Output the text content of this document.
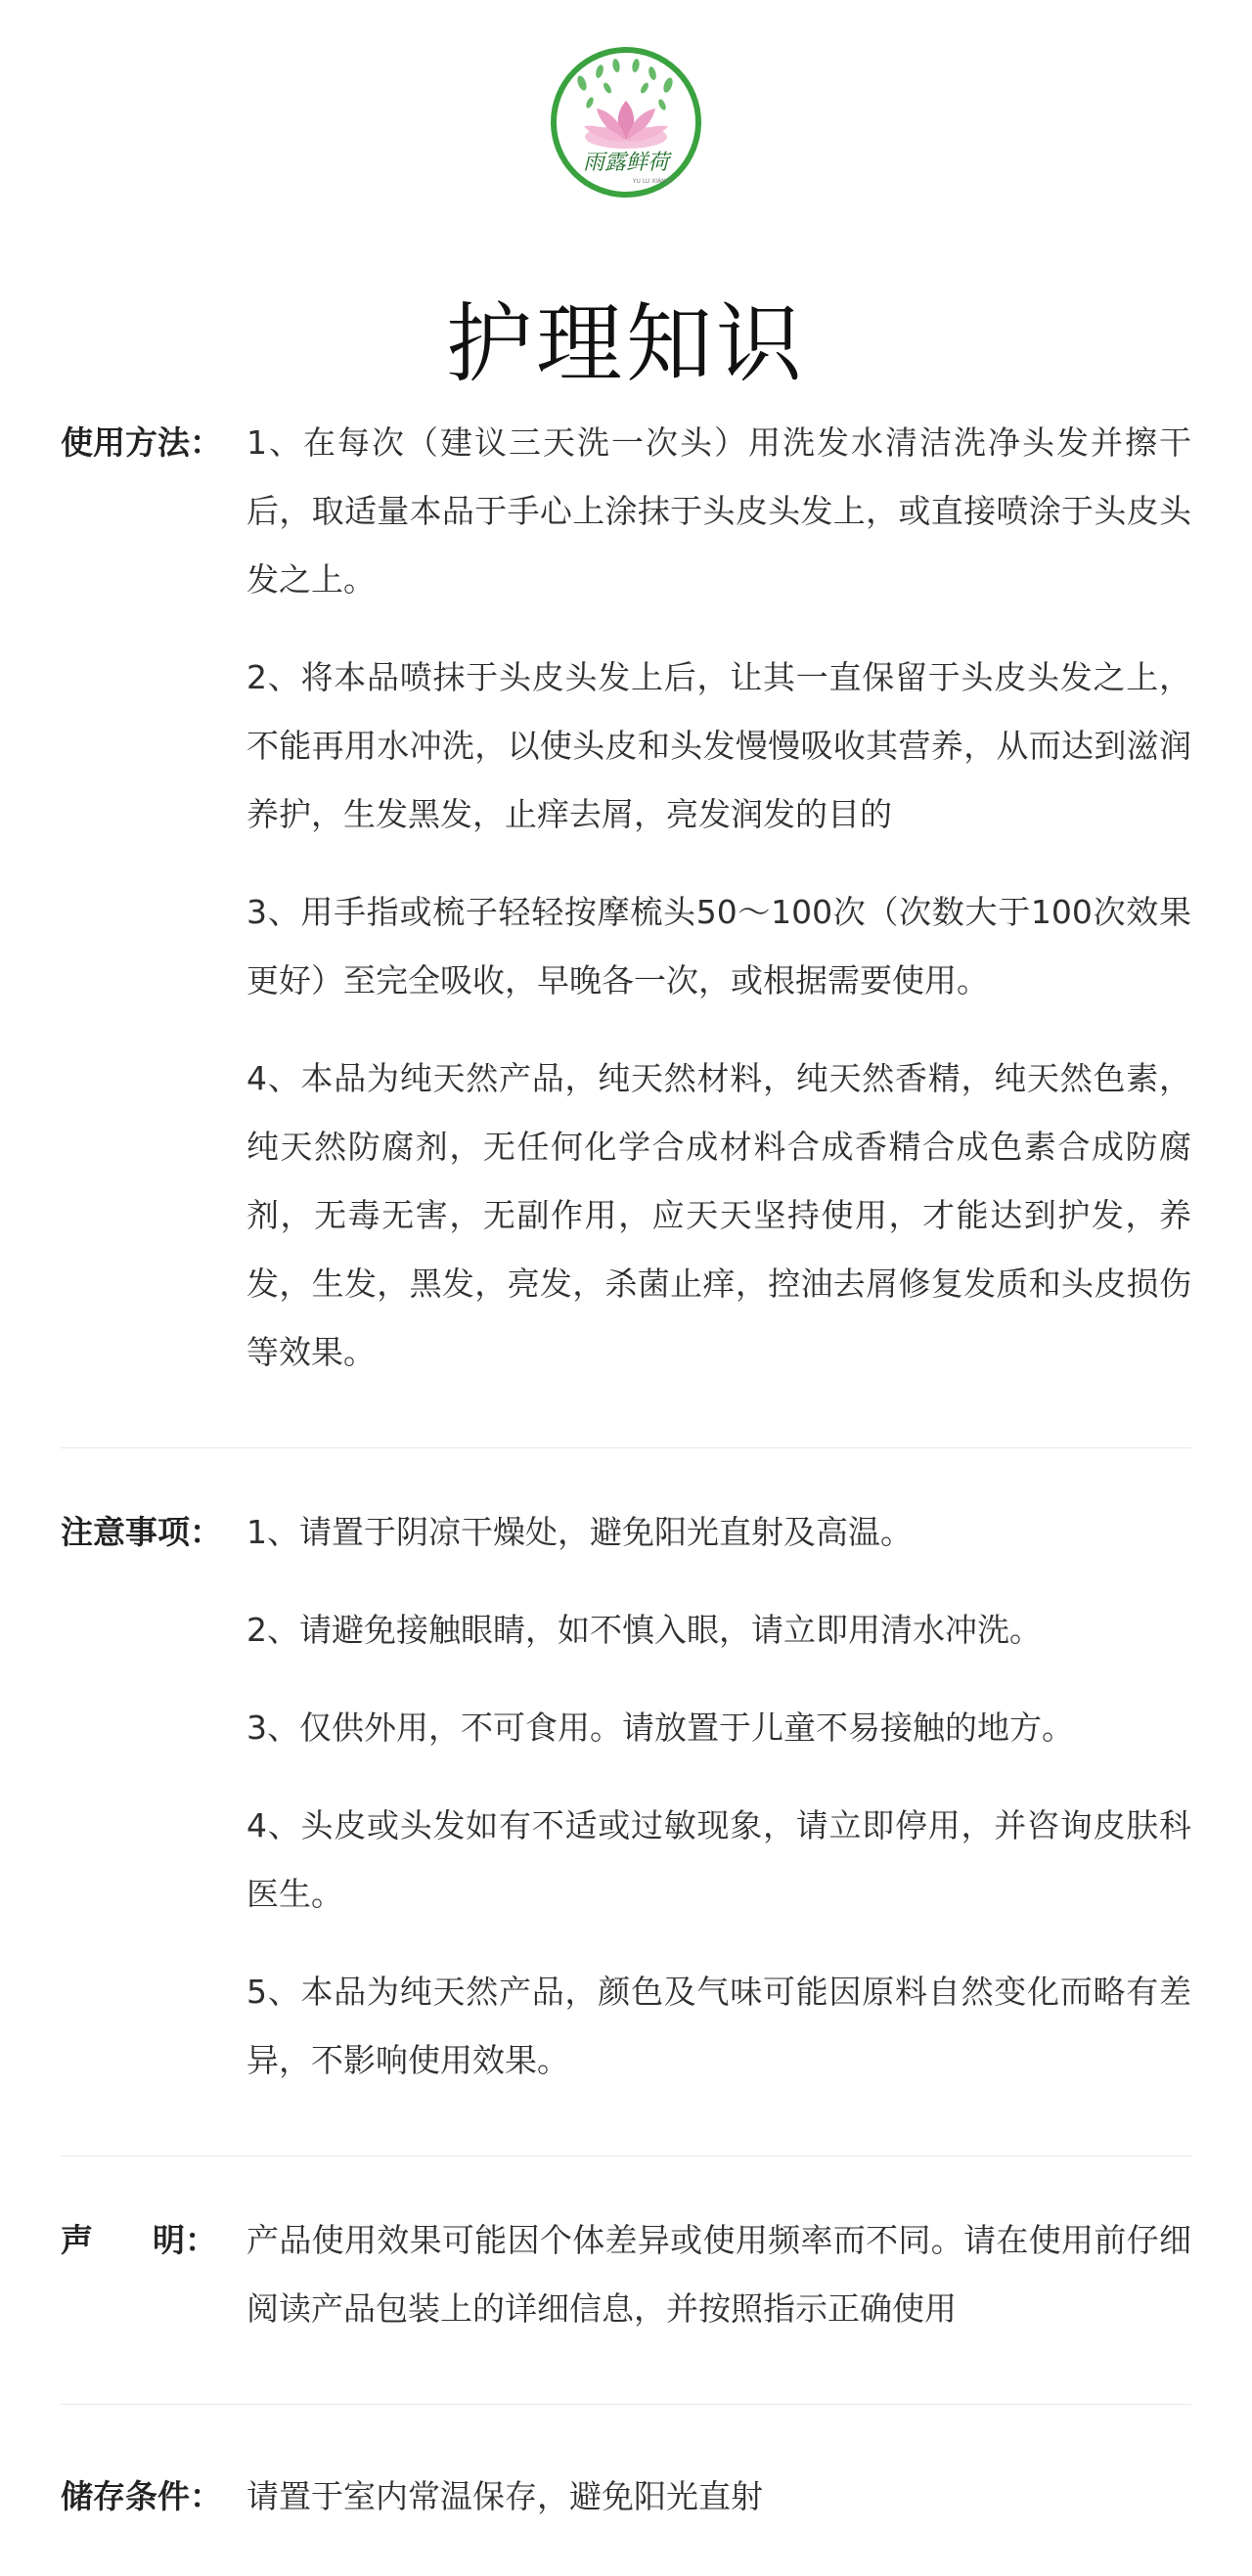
雨露鲜荷
YU LU XIAN H
护理知识
使用方法： 1、在每次（建议三天洗一次头）用洗发水清洁洗净头发并擦干后，取适量本品于手心上涂抹于头皮头发上，或直接喷涂于头皮头发之上。

2、将本品喷抹于头皮头发上后，让其一直保留于头皮头发之上，不能再用水冲洗，以使头皮和头发慢慢吸收其营养，从而达到滋润养护，生发黑发，止痒去屑，亮发润发的目的

3、用手指或梳子轻轻按摩梳头50～100次（次数大于100次效果更好）至完全吸收，早晚各一次，或根据需要使用。

4、本品为纯天然产品，纯天然材料，纯天然香精，纯天然色素，纯天然防腐剂，无任何化学合成材料合成香精合成色素合成防腐剂，无毒无害，无副作用，应天天坚持使用，才能达到护发，养发，生发，黑发，亮发，杀菌止痒，控油去屑修复发质和头皮损伤等效果。

注意事项： 1、请置于阴凉干燥处，避免阳光直射及高温。

2、请避免接触眼睛，如不慎入眼，请立即用清水冲洗。

3、仅供外用，不可食用。请放置于儿童不易接触的地方。

4、头皮或头发如有不适或过敏现象，请立即停用，并咨询皮肤科医生。

5、本品为纯天然产品，颜色及气味可能因原料自然变化而略有差异，不影响使用效果。

声 明： 产品使用效果可能因个体差异或使用频率而不同。请在使用前仔细阅读产品包装上的详细信息，并按照指示正确使用

储存条件： 请置于室内常温保存，避免阳光直射
